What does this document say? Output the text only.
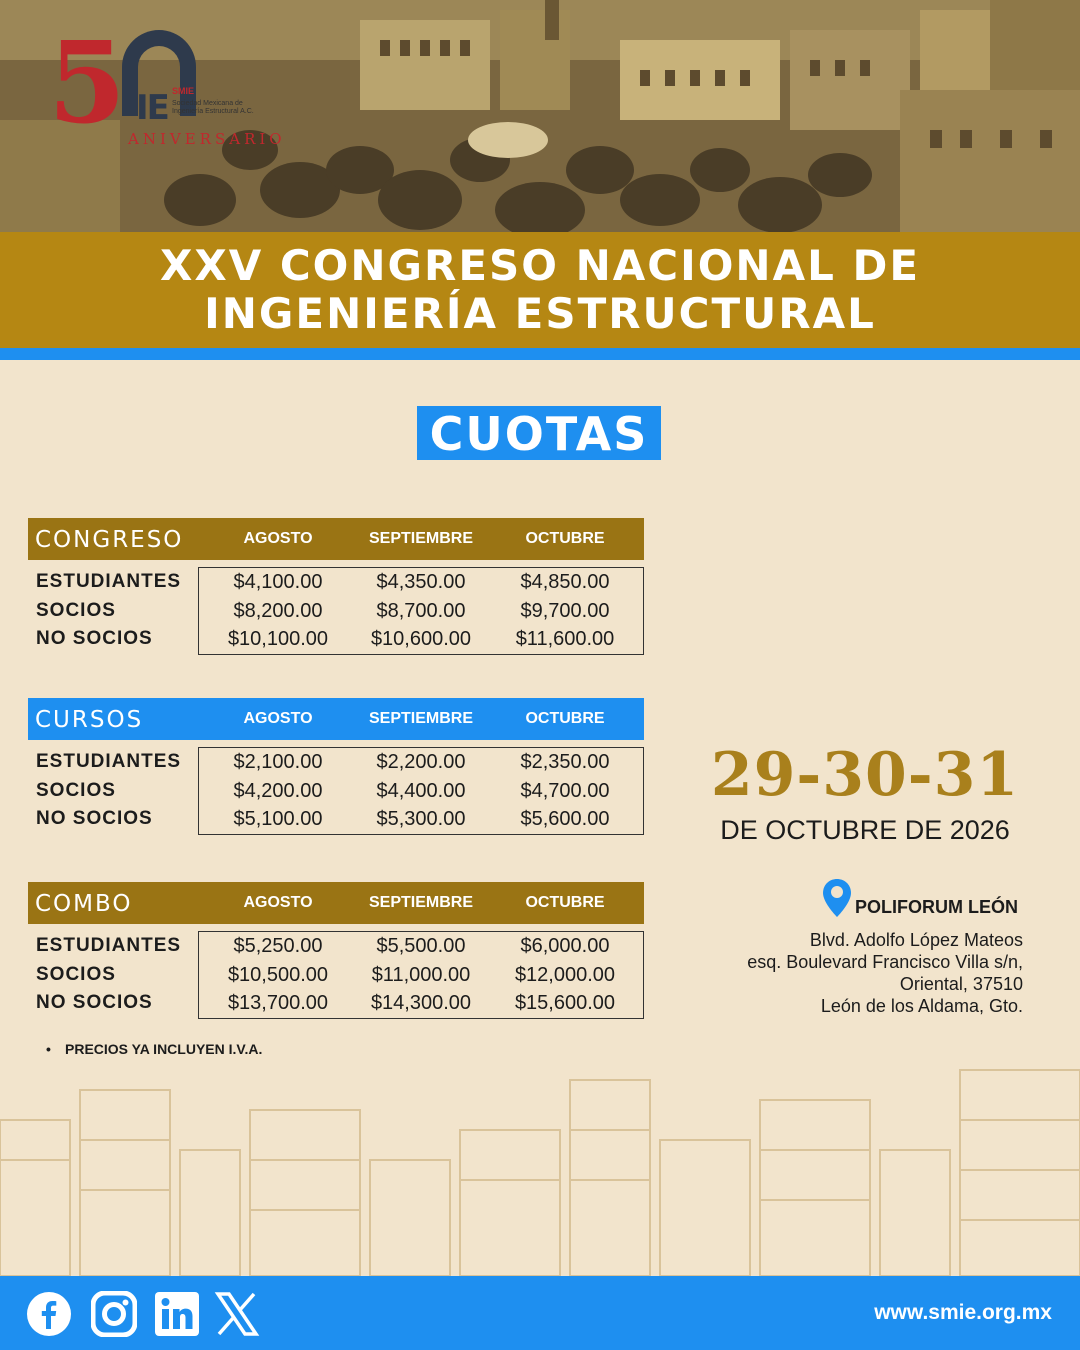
5 IE SMIE
Sociedad Mexicana de Ingeniería Estructural A.C.
ANIVERSARIO
XXV CONGRESO NACIONAL DE
INGENIERÍA ESTRUCTURAL
CUOTAS
CONGRESO	AGOSTO	SEPTIEMBRE	OCTUBRE
ESTUDIANTES	$4,100.00	$4,350.00	$4,850.00
SOCIOS	$8,200.00	$8,700.00	$9,700.00
NO SOCIOS	$10,100.00	$10,600.00	$11,600.00
CURSOS	AGOSTO	SEPTIEMBRE	OCTUBRE
ESTUDIANTES	$2,100.00	$2,200.00	$2,350.00
SOCIOS	$4,200.00	$4,400.00	$4,700.00
NO SOCIOS	$5,100.00	$5,300.00	$5,600.00
COMBO	AGOSTO	SEPTIEMBRE	OCTUBRE
ESTUDIANTES	$5,250.00	$5,500.00	$6,000.00
SOCIOS	$10,500.00	$11,000.00	$12,000.00
NO SOCIOS	$13,700.00	$14,300.00	$15,600.00
• PRECIOS YA INCLUYEN I.V.A.
29-30-31
DE OCTUBRE DE 2026
POLIFORUM LEÓN
Blvd. Adolfo López Mateos
esq. Boulevard Francisco Villa s/n,
Oriental, 37510
León de los Aldama, Gto.
www.smie.org.mx
